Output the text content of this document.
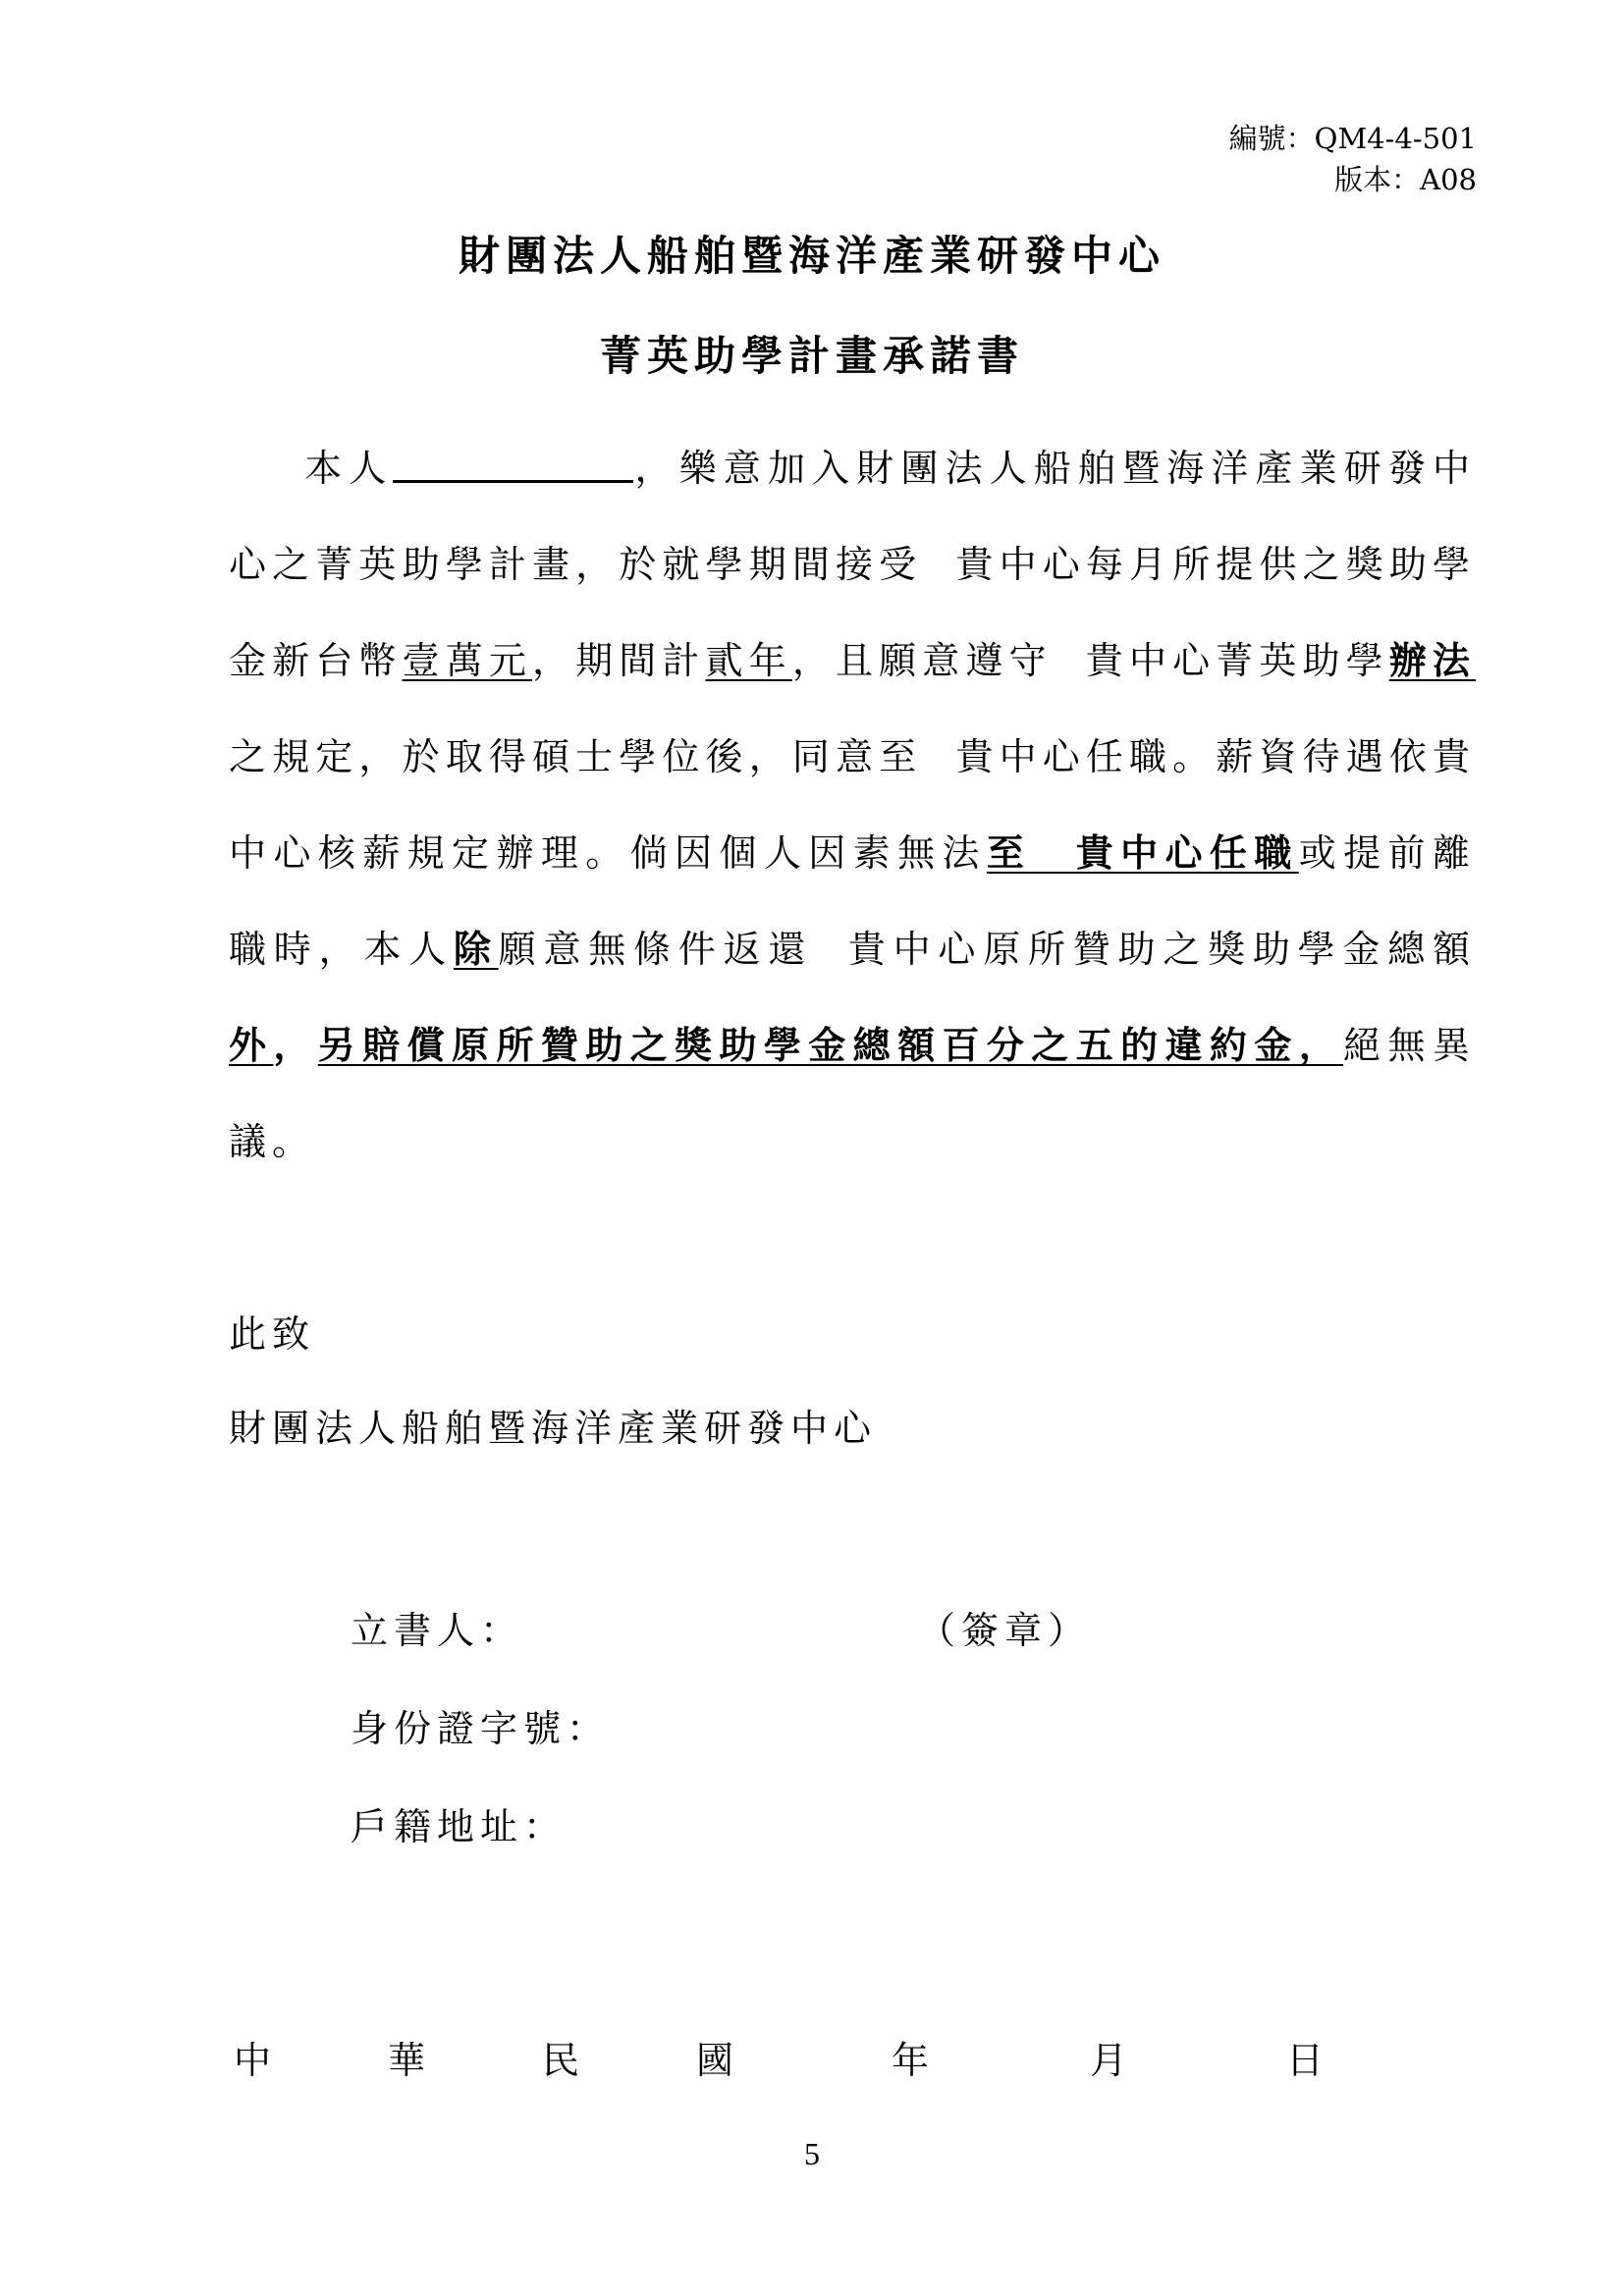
編號：QM4-4-501
版本：A08
財團法人船舶暨海洋產業研發中心
菁英助學計畫承諾書
本人	，樂意加入財團法人船舶暨海洋產業研發中心之菁英助學計畫，於就學期間接受 貴中心每月所提供之獎助學金新台幣壹萬元，期間計貳年，且願意遵守 貴中心菁英助學辦法之規定，於取得碩士學位後，同意至 貴中心任職。薪資待遇依貴中心核薪規定辦理。倘因個人因素無法至　貴中心任職或提前離職時，本人除願意無條件返還 貴中心原所贊助之獎助學金總額外，另賠償原所贊助之獎助學金總額百分之五的違約金，絕無異議。
此致
財團法人船舶暨海洋產業研發中心
立書人：	（簽章）
身份證字號：
戶籍地址：
中	華	民	國	年	月	日
5
